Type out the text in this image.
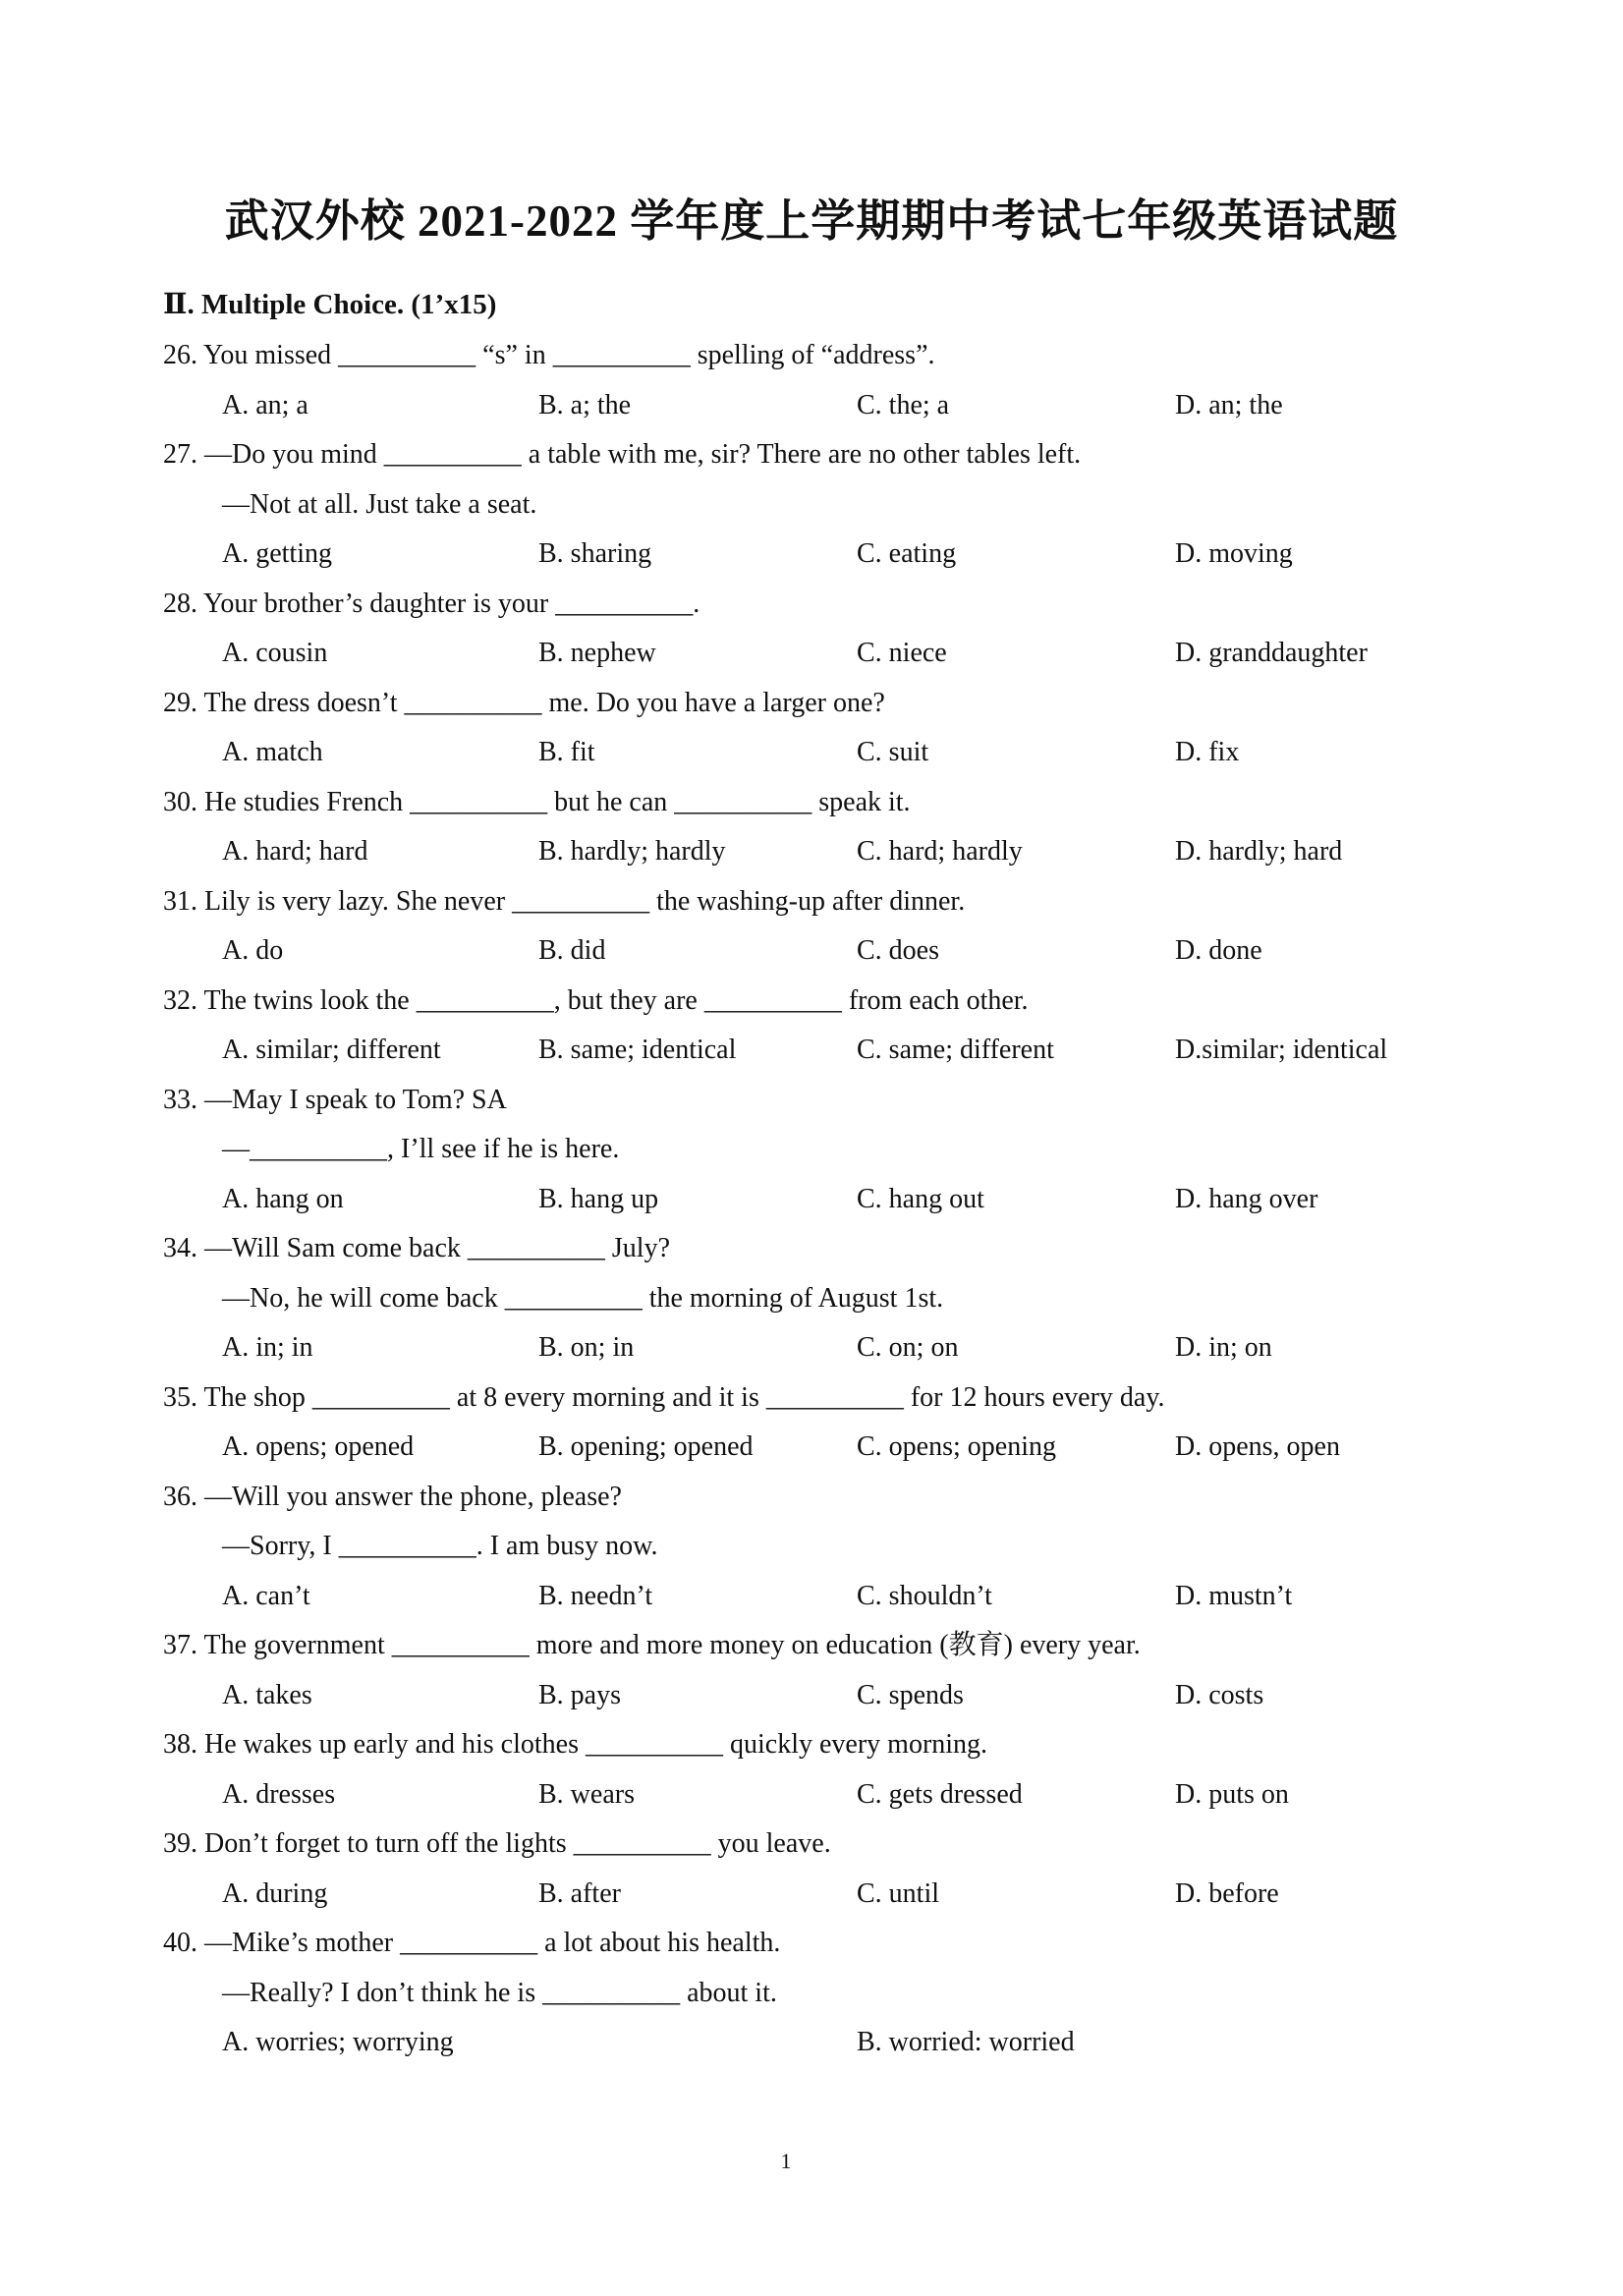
武汉外校 2021-2022 学年度上学期期中考试七年级英语试题
Ⅱ. Multiple Choice. (1’x15)
26. You missed __________ “s” in __________ spelling of “address”.
A. an; a	B. a; the	C. the; a	D. an; the
27. —Do you mind __________ a table with me, sir? There are no other tables left.
—Not at all. Just take a seat.
A. getting	B. sharing	C. eating	D. moving
28. Your brother’s daughter is your __________.
A. cousin	B. nephew	C. niece	D. granddaughter
29. The dress doesn’t __________ me. Do you have a larger one?
A. match	B. fit	C. suit	D. fix
30. He studies French __________ but he can __________ speak it.
A. hard; hard	B. hardly; hardly	C. hard; hardly	D. hardly; hard
31. Lily is very lazy. She never __________ the washing-up after dinner.
A. do	B. did	C. does	D. done
32. The twins look the __________, but they are __________ from each other.
A. similar; different	B. same; identical	C. same; different	D.similar; identical
33. —May I speak to Tom? SA
—__________, I’ll see if he is here.
A. hang on	B. hang up	C. hang out	D. hang over
34. —Will Sam come back __________ July?
—No, he will come back __________ the morning of August 1st.
A. in; in	B. on; in	C. on; on	D. in; on
35. The shop __________ at 8 every morning and it is __________ for 12 hours every day.
A. opens; opened	B. opening; opened	C. opens; opening	D. opens, open
36. —Will you answer the phone, please?
—Sorry, I __________. I am busy now.
A. can’t	B. needn’t	C. shouldn’t	D. mustn’t
37. The government __________ more and more money on education (教育) every year.
A. takes	B. pays	C. spends	D. costs
38. He wakes up early and his clothes __________ quickly every morning.
A. dresses	B. wears	C. gets dressed	D. puts on
39. Don’t forget to turn off the lights __________ you leave.
A. during	B. after	C. until	D. before
40. —Mike’s mother __________ a lot about his health.
—Really? I don’t think he is __________ about it.
A. worries; worrying	B. worried: worried
1
